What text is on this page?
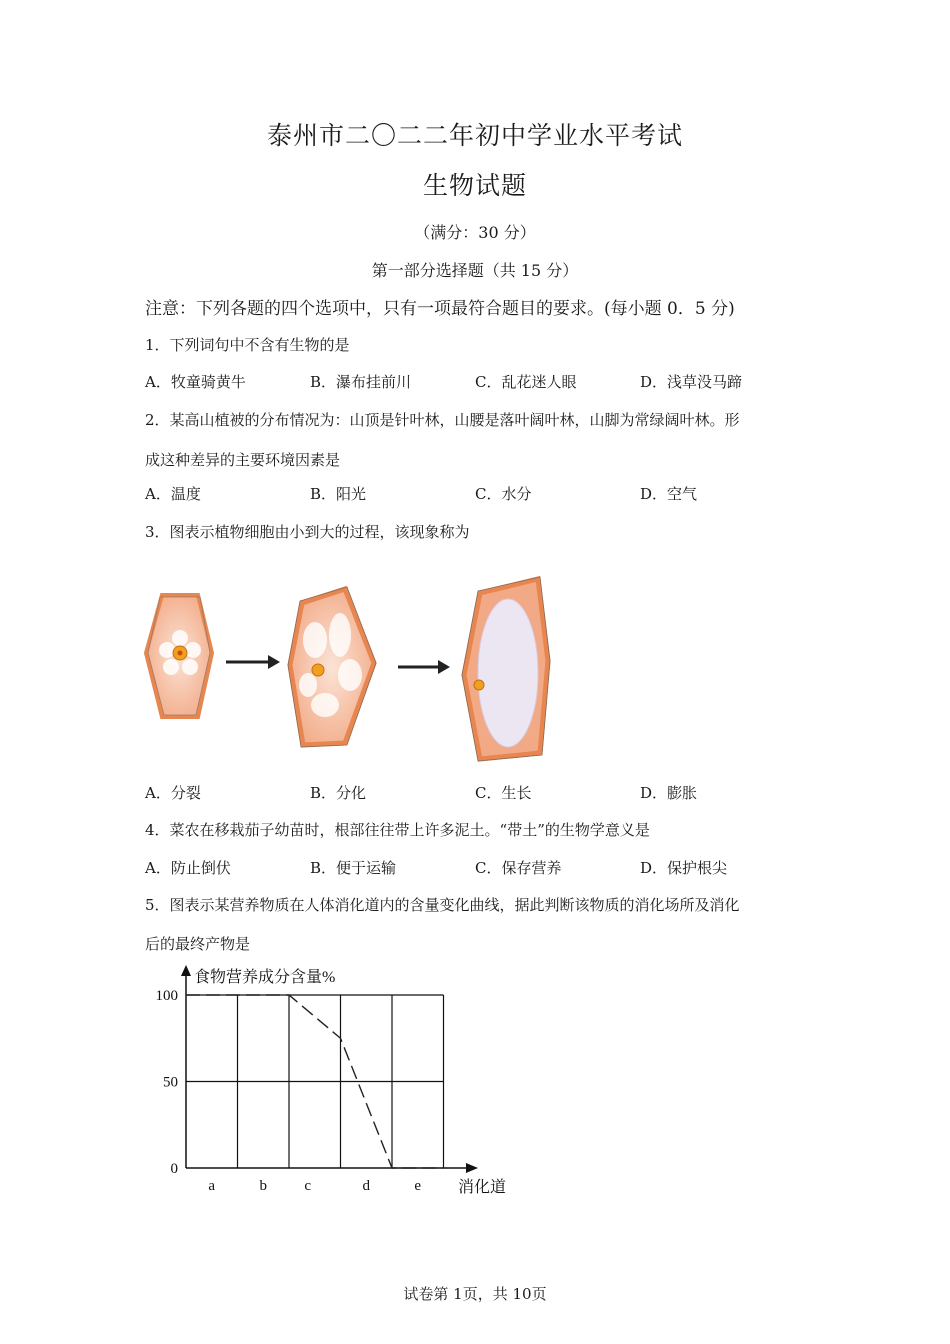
泰州市二〇二二年初中学业水平考试
生物试题
（满分：30 分）
第一部分选择题（共 15 分）
注意：下列各题的四个选项中，只有一项最符合题目的要求。(每小题 0．5 分)
1．下列词句中不含有生物的是
A．牧童骑黄牛	B．瀑布挂前川	C．乱花迷人眼	D．浅草没马蹄
2．某高山植被的分布情况为：山顶是针叶林，山腰是落叶阔叶林，山脚为常绿阔叶林。形
成这种差异的主要环境因素是
A．温度	B．阳光	C．水分	D．空气
3．图表示植物细胞由小到大的过程，该现象称为
A．分裂	B．分化	C．生长	D．膨胀
4．菜农在移栽茄子幼苗时，根部往往带上许多泥土。“带土”的生物学意义是
A．防止倒伏	B．便于运输	C．保存营养	D．保护根尖
5．图表示某营养物质在人体消化道内的含量变化曲线，据此判断该物质的消化场所及消化
后的最终产物是
100
50
0
a	b c	d	e
食物营养成分含量%
消化道
试卷第 1页，共 10页
